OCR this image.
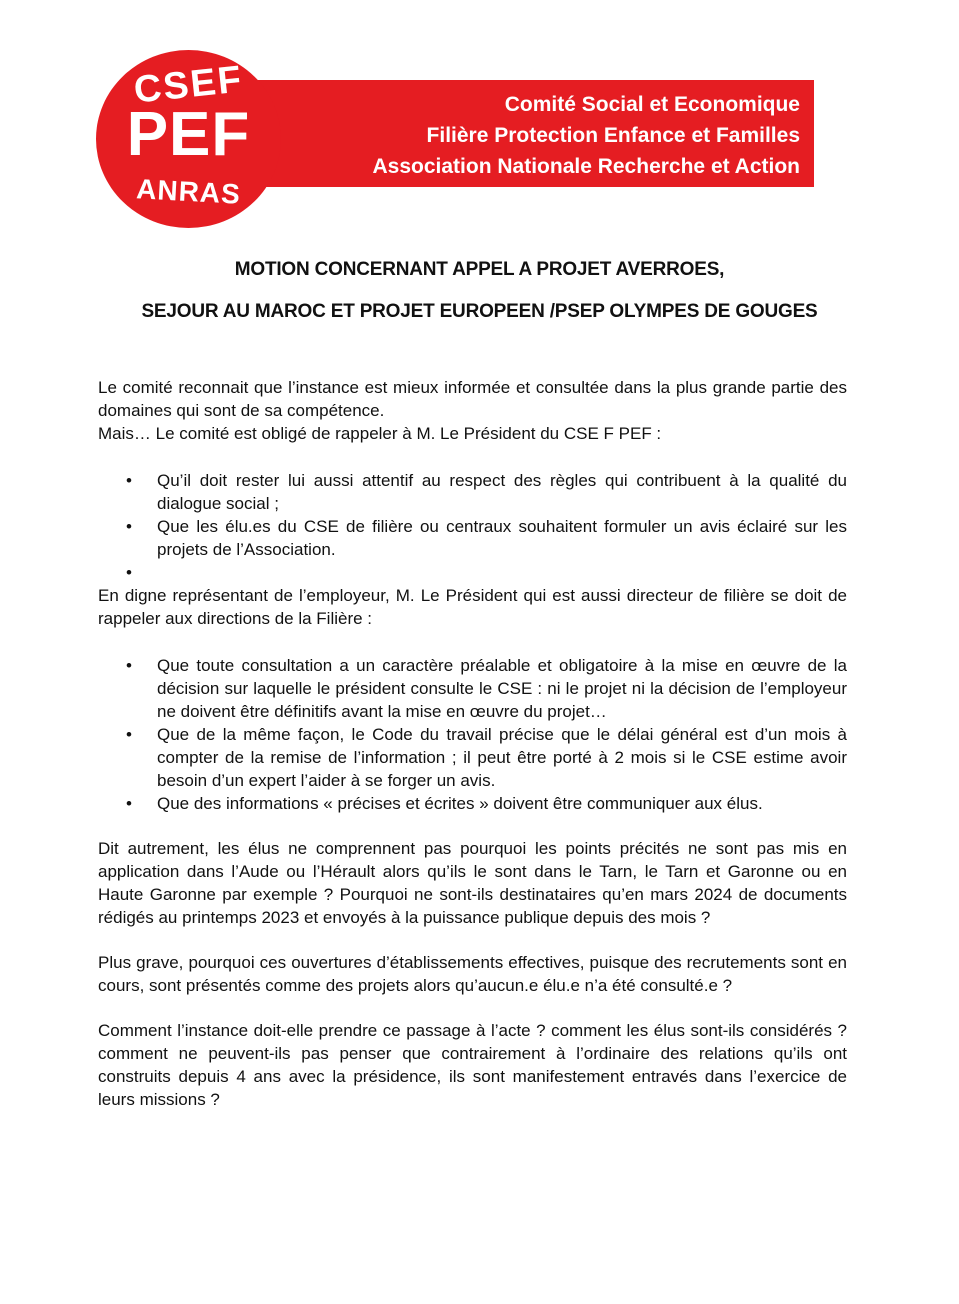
Comité Social et Economique
Filière Protection Enfance et Familles
Association Nationale Recherche et Action
CSEF
PEF
ANRAS
MOTION CONCERNANT APPEL A PROJET AVERROES,
SEJOUR AU MAROC ET PROJET EUROPEEN /PSEP OLYMPES DE GOUGES

Le comité reconnait que l’instance est mieux informée et consultée dans la plus grande partie des domaines qui sont de sa compétence.

Mais… Le comité est obligé de rappeler à M. Le Président du CSE F PEF :

• Qu’il doit rester lui aussi attentif au respect des règles qui contribuent à la qualité du dialogue social ;
• Que les élu.es du CSE de filière ou centraux souhaitent formuler un avis éclairé sur les projets de l’Association.
•

En digne représentant de l’employeur, M. Le Président qui est aussi directeur de filière se doit de rappeler aux directions de la Filière :

• Que toute consultation a un caractère préalable et obligatoire à la mise en œuvre de la décision sur laquelle le président consulte le CSE : ni le projet ni la décision de l’employeur ne doivent être définitifs avant la mise en œuvre du projet…
• Que de la même façon, le Code du travail précise que le délai général est d’un mois à compter de la remise de l’information ; il peut être porté à 2 mois si le CSE estime avoir besoin d’un expert l’aider à se forger un avis.
• Que des informations « précises et écrites » doivent être communiquer aux élus.

Dit autrement, les élus ne comprennent pas pourquoi les points précités ne sont pas mis en application dans l’Aude ou l’Hérault alors qu’ils le sont dans le Tarn, le Tarn et Garonne ou en Haute Garonne par exemple ? Pourquoi ne sont-ils destinataires qu’en mars 2024 de documents rédigés au printemps 2023 et envoyés à la puissance publique depuis des mois ?

Plus grave, pourquoi ces ouvertures d’établissements effectives, puisque des recrutements sont en cours, sont présentés comme des projets alors qu’aucun.e élu.e n’a été consulté.e ?

Comment l’instance doit-elle prendre ce passage à l’acte ? comment les élus sont-ils considérés ? comment ne peuvent-ils pas penser que contrairement à l’ordinaire des relations qu’ils ont construits depuis 4 ans avec la présidence, ils sont manifestement entravés dans l’exercice de leurs missions ?
